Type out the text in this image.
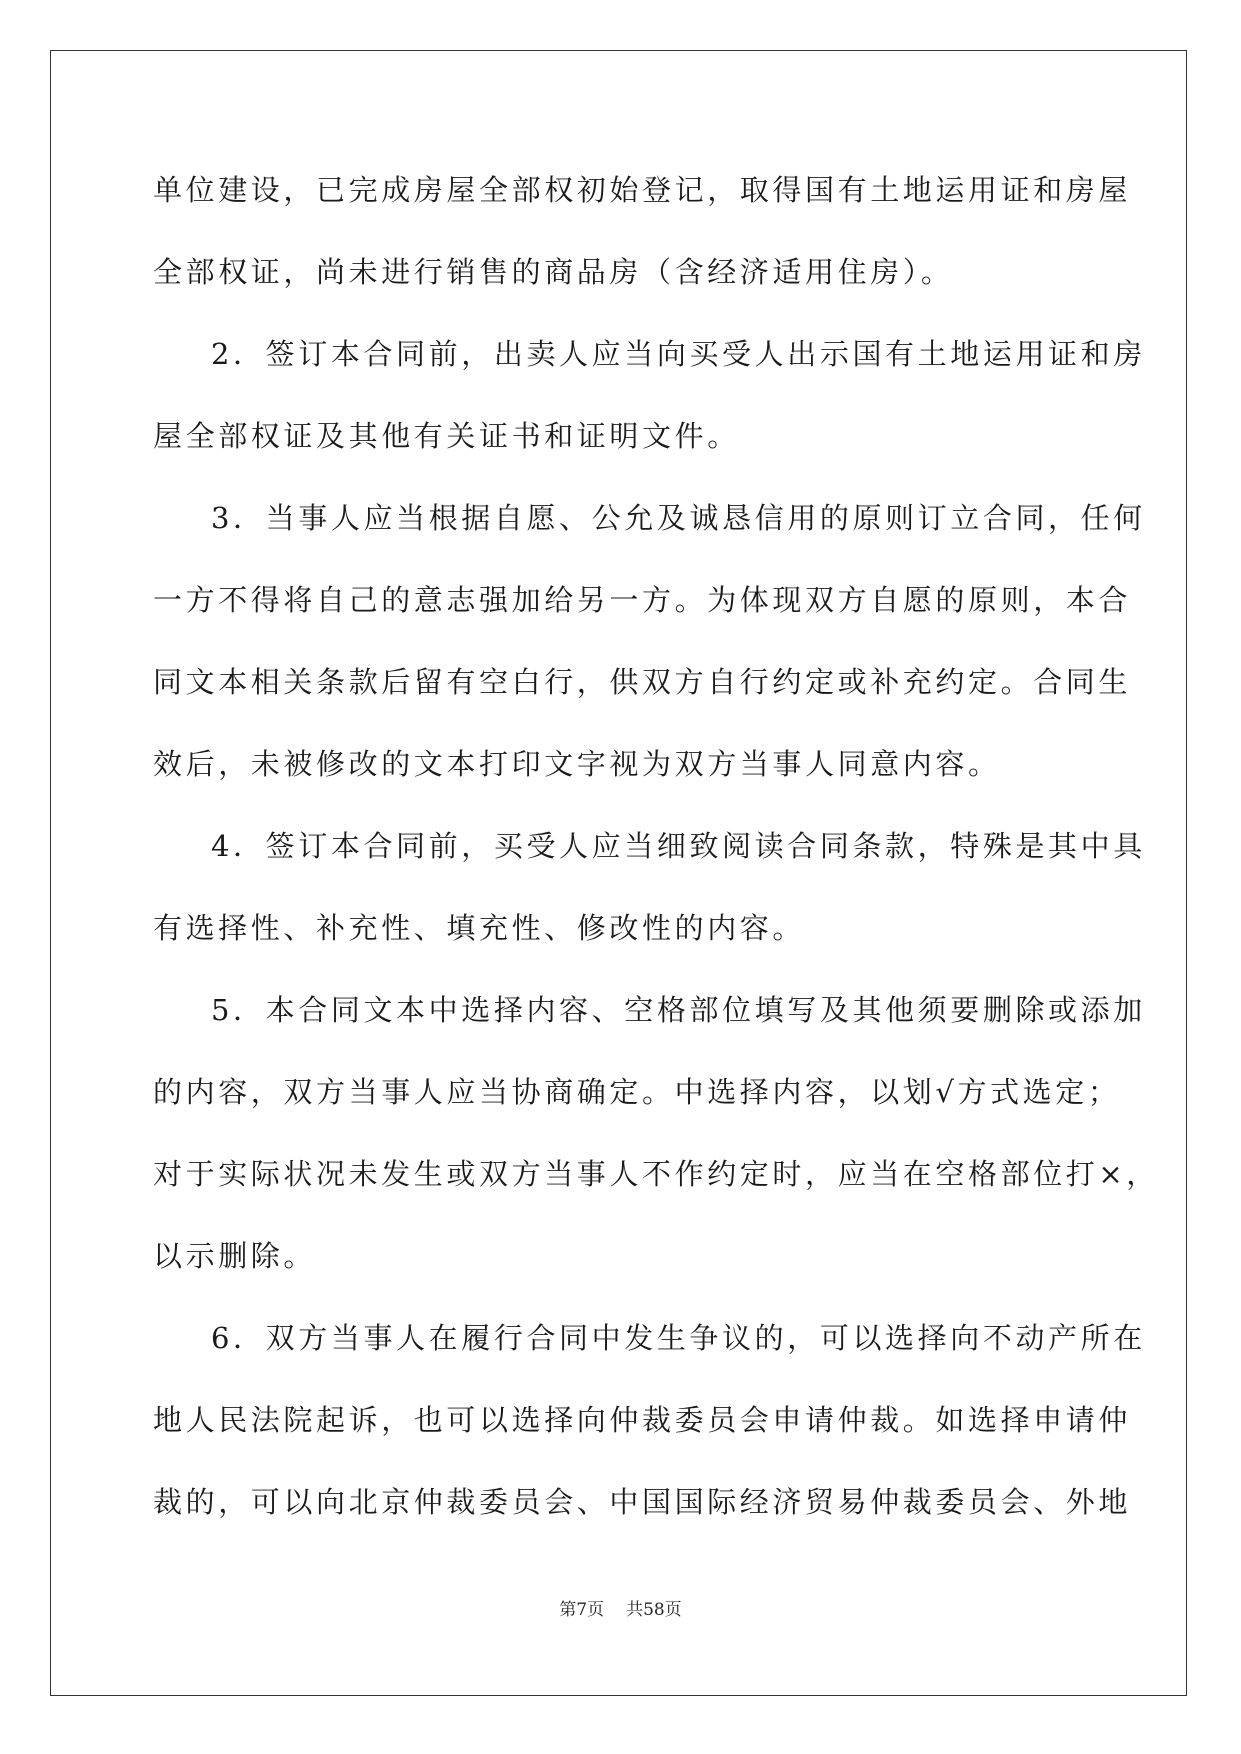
单位建设，已完成房屋全部权初始登记，取得国有土地运用证和房屋
全部权证，尚未进行销售的商品房（含经济适用住房）。
2．签订本合同前，出卖人应当向买受人出示国有土地运用证和房
屋全部权证及其他有关证书和证明文件。
3．当事人应当根据自愿、公允及诚恳信用的原则订立合同，任何
一方不得将自己的意志强加给另一方。为体现双方自愿的原则，本合
同文本相关条款后留有空白行，供双方自行约定或补充约定。合同生
效后，未被修改的文本打印文字视为双方当事人同意内容。
4．签订本合同前，买受人应当细致阅读合同条款，特殊是其中具
有选择性、补充性、填充性、修改性的内容。
5．本合同文本中选择内容、空格部位填写及其他须要删除或添加
的内容，双方当事人应当协商确定。中选择内容，以划√方式选定；
对于实际状况未发生或双方当事人不作约定时，应当在空格部位打×，
以示删除。
6．双方当事人在履行合同中发生争议的，可以选择向不动产所在
地人民法院起诉，也可以选择向仲裁委员会申请仲裁。如选择申请仲
裁的，可以向北京仲裁委员会、中国国际经济贸易仲裁委员会、外地
第7页 共58页
